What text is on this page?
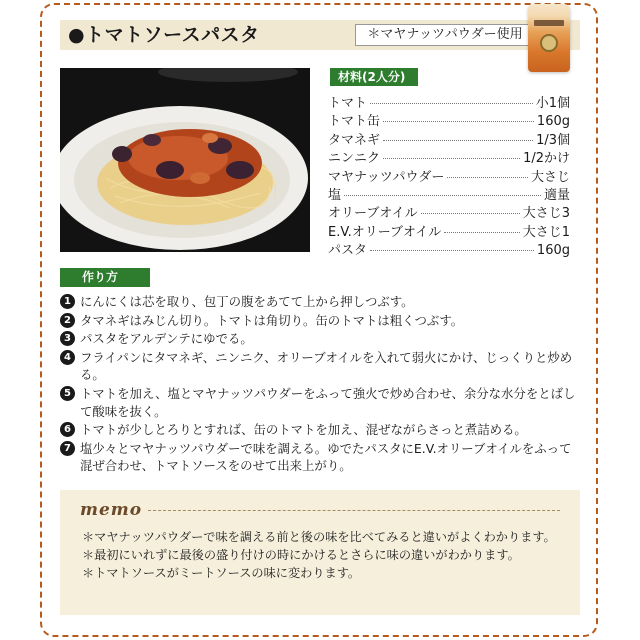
●トマトソースパスタ	＊マヤナッツパウダー使用
材料(2人分)
トマト	小1個
トマト缶	160g
タマネギ	1/3個
ニンニク	1/2かけ
マヤナッツパウダー	大さじ
塩	適量
オリーブオイル	大さじ3
E.V.オリーブオイル	大さじ1
パスタ	160g
作り方
1 にんにくは芯を取り、包丁の腹をあてて上から押しつぶす。
2 タマネギはみじん切り。トマトは角切り。缶のトマトは粗くつぶす。
3 パスタをアルデンテにゆでる。
4 フライパンにタマネギ、ニンニク、オリーブオイルを入れて弱火にかけ、じっくりと炒める。
5 トマトを加え、塩とマヤナッツパウダーをふって強火で炒め合わせ、余分な水分をとばして酸味を抜く。
6 トマトが少しとろりとすれば、缶のトマトを加え、混ぜながらさっと煮詰める。
7 塩少々とマヤナッツパウダーで味を調える。ゆでたパスタにE.V.オリーブオイルをふって混ぜ合わせ、トマトソースをのせて出来上がり。
memo
＊マヤナッツパウダーで味を調える前と後の味を比べてみると違いがよくわかります。
＊最初にいれずに最後の盛り付けの時にかけるとさらに味の違いがわかります。
＊トマトソースがミートソースの味に変わります。
